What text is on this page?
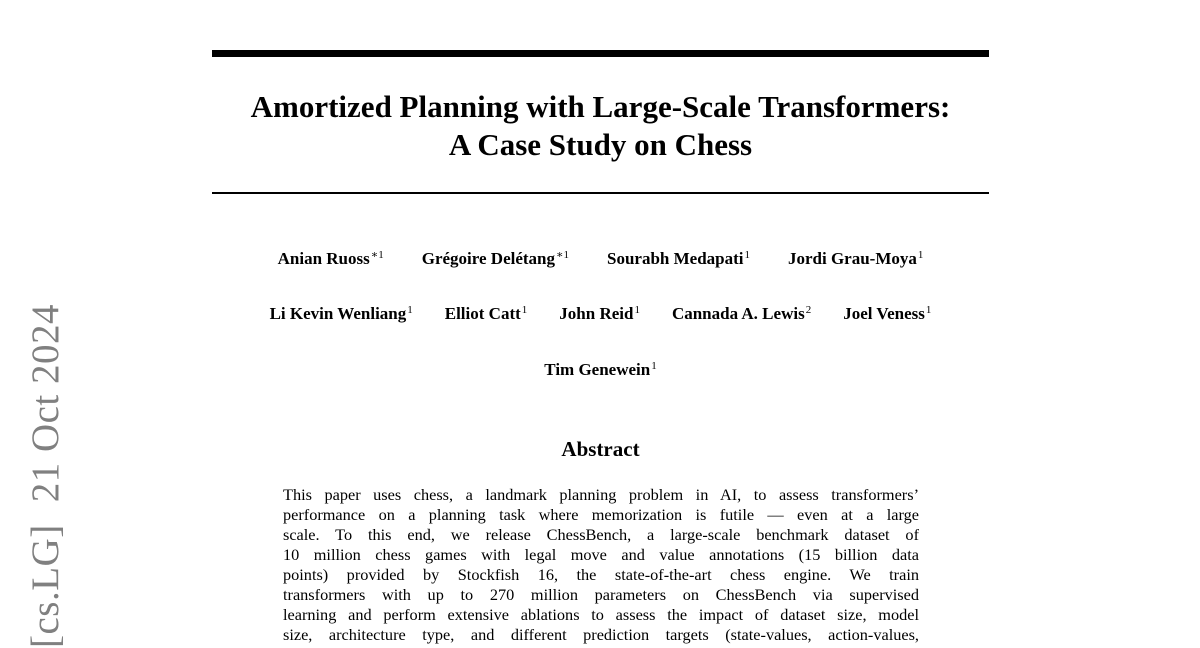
[cs.LG]21 Oct 2024
Amortized Planning with Large-Scale Transformers:
A Case Study on Chess
Anian Ruoss$^{∗1}$ Grégoire Delétang$^{∗1}$ Sourabh Medapati$^1$ Jordi Grau-Moya$^1$
Li Kevin Wenliang$^1$ Elliot Catt$^1$ John Reid$^1$ Cannada A. Lewis$^2$ Joel Veness$^1$
Tim Genewein$^1$
Abstract
This paper uses chess, a landmark planning problem in AI, to assess transformers’
performance on a planning task where memorization is futile — even at a large
scale. To this end, we release ChessBench, a large-scale benchmark dataset of
10 million chess games with legal move and value annotations (15 billion data
points) provided by Stockfish 16, the state-of-the-art chess engine. We train
transformers with up to 270 million parameters on ChessBench via supervised
learning and perform extensive ablations to assess the impact of dataset size, model
size, architecture type, and different prediction targets (state-values, action-values,
